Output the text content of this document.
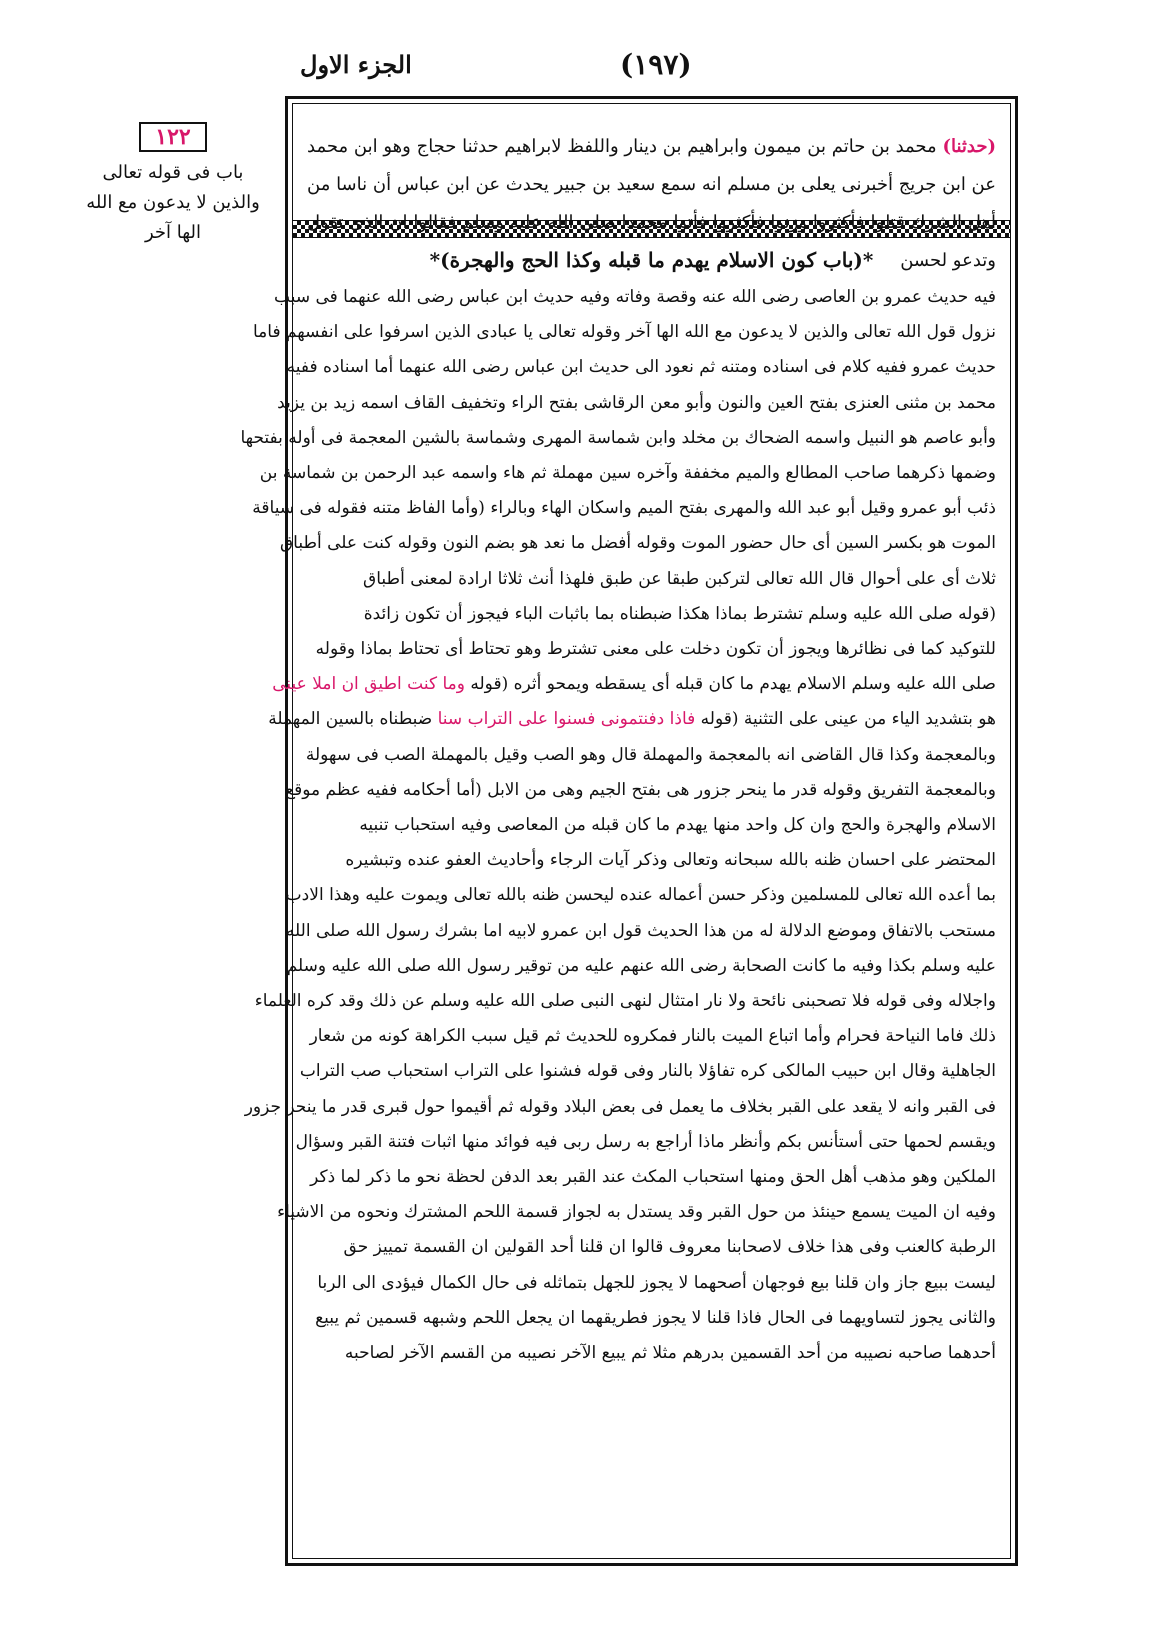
الجزء الاول	(١٩٧)
١٢٢
باب فى قوله تعالى والذين لا يدعون مع الله الها آخر
(حدثنا) محمد بن حاتم بن ميمون وابراهيم بن دينار واللفظ لابراهيم حدثنا حجاج وهو ابن محمد عن ابن جريج أخبرنى يعلى بن مسلم انه سمع سعيد بن جبير يحدث عن ابن عباس أن ناسا من أهل الشرك قتلوا فأكثروا وزنوا فأكثروا فأتوا محمدا صلى الله عليه وسلم فقالوا ان الذى تقول وتدعو لحسن
*(باب كون الاسلام يهدم ما قبله وكذا الحج والهجرة)*
فيه حديث عمرو بن العاصى رضى الله عنه وقصة وفاته وفيه حديث ابن عباس رضى الله عنهما فى سبب
نزول قول الله تعالى والذين لا يدعون مع الله الها آخر وقوله تعالى يا عبادى الذين اسرفوا على انفسهم فاما
حديث عمرو ففيه كلام فى اسناده ومتنه ثم نعود الى حديث ابن عباس رضى الله عنهما أما اسناده ففيه
محمد بن مثنى العنزى بفتح العين والنون وأبو معن الرقاشى بفتح الراء وتخفيف القاف اسمه زيد بن يزيد
وأبو عاصم هو النبيل واسمه الضحاك بن مخلد وابن شماسة المهرى وشماسة بالشين المعجمة فى أوله بفتحها
وضمها ذكرهما صاحب المطالع والميم مخففة وآخره سين مهملة ثم هاء واسمه عبد الرحمن بن شماسة بن
ذئب أبو عمرو وقيل أبو عبد الله والمهرى بفتح الميم واسكان الهاء وبالراء (وأما الفاظ متنه فقوله فى سياقة
الموت هو بكسر السين أى حال حضور الموت وقوله أفضل ما نعد هو بضم النون وقوله كنت على أطباق
ثلاث أى على أحوال قال الله تعالى لتركبن طبقا عن طبق فلهذا أنث ثلاثا ارادة لمعنى أطباق
(قوله صلى الله عليه وسلم تشترط بماذا هكذا ضبطناه بما باثبات الباء فيجوز أن تكون زائدة
للتوكيد كما فى نظائرها ويجوز أن تكون دخلت على معنى تشترط وهو تحتاط أى تحتاط بماذا وقوله
صلى الله عليه وسلم الاسلام يهدم ما كان قبله أى يسقطه ويمحو أثره (قوله وما كنت اطيق ان املا عينى
هو بتشديد الياء من عينى على التثنية (قوله فاذا دفنتمونى فسنوا على التراب سنا ضبطناه بالسين المهملة
وبالمعجمة وكذا قال القاضى انه بالمعجمة والمهملة قال وهو الصب وقيل بالمهملة الصب فى سهولة
وبالمعجمة التفريق وقوله قدر ما ينحر جزور هى بفتح الجيم وهى من الابل (أما أحكامه ففيه عظم موقع
الاسلام والهجرة والحج وان كل واحد منها يهدم ما كان قبله من المعاصى وفيه استحباب تنبيه
المحتضر على احسان ظنه بالله سبحانه وتعالى وذكر آيات الرجاء وأحاديث العفو عنده وتبشيره
بما أعده الله تعالى للمسلمين وذكر حسن أعماله عنده ليحسن ظنه بالله تعالى ويموت عليه وهذا الادب
مستحب بالاتفاق وموضع الدلالة له من هذا الحديث قول ابن عمرو لابيه اما بشرك رسول الله صلى الله
عليه وسلم بكذا وفيه ما كانت الصحابة رضى الله عنهم عليه من توقير رسول الله صلى الله عليه وسلم
واجلاله وفى قوله فلا تصحبنى نائحة ولا نار امتثال لنهى النبى صلى الله عليه وسلم عن ذلك وقد كره العلماء
ذلك فاما النياحة فحرام وأما اتباع الميت بالنار فمكروه للحديث ثم قيل سبب الكراهة كونه من شعار
الجاهلية وقال ابن حبيب المالكى كره تفاؤلا بالنار وفى قوله فشنوا على التراب استحباب صب التراب
فى القبر وانه لا يقعد على القبر بخلاف ما يعمل فى بعض البلاد وقوله ثم أقيموا حول قبرى قدر ما ينحر جزور
ويقسم لحمها حتى أستأنس بكم وأنظر ماذا أراجع به رسل ربى فيه فوائد منها اثبات فتنة القبر وسؤال
الملكين وهو مذهب أهل الحق ومنها استحباب المكث عند القبر بعد الدفن لحظة نحو ما ذكر لما ذكر
وفيه ان الميت يسمع حينئذ من حول القبر وقد يستدل به لجواز قسمة اللحم المشترك ونحوه من الاشياء
الرطبة كالعنب وفى هذا خلاف لاصحابنا معروف قالوا ان قلنا أحد القولين ان القسمة تمييز حق
ليست ببيع جاز وان قلنا بيع فوجهان أصحهما لا يجوز للجهل بتماثله فى حال الكمال فيؤدى الى الربا
والثانى يجوز لتساويهما فى الحال فاذا قلنا لا يجوز فطريقهما ان يجعل اللحم وشبهه قسمين ثم يبيع
أحدهما صاحبه نصيبه من أحد القسمين بدرهم مثلا ثم يبيع الآخر نصيبه من القسم الآخر لصاحبه
